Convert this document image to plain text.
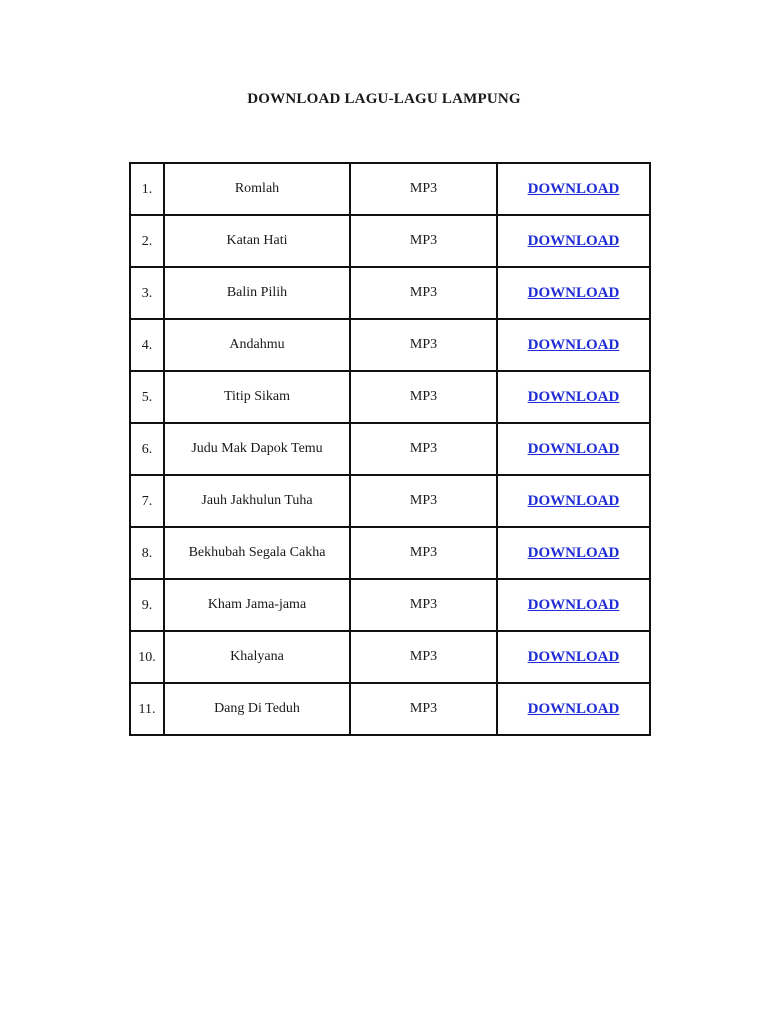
DOWNLOAD LAGU-LAGU LAMPUNG
1.	Romlah	MP3	DOWNLOAD
2.	Katan Hati	MP3	DOWNLOAD
3.	Balin Pilih	MP3	DOWNLOAD
4.	Andahmu	MP3	DOWNLOAD
5.	Titip Sikam	MP3	DOWNLOAD
6.	Judu Mak Dapok Temu	MP3	DOWNLOAD
7.	Jauh Jakhulun Tuha	MP3	DOWNLOAD
8.	Bekhubah Segala Cakha	MP3	DOWNLOAD
9.	Kham Jama-jama	MP3	DOWNLOAD
10.	Khalyana	MP3	DOWNLOAD
11.	Dang Di Teduh	MP3	DOWNLOAD
